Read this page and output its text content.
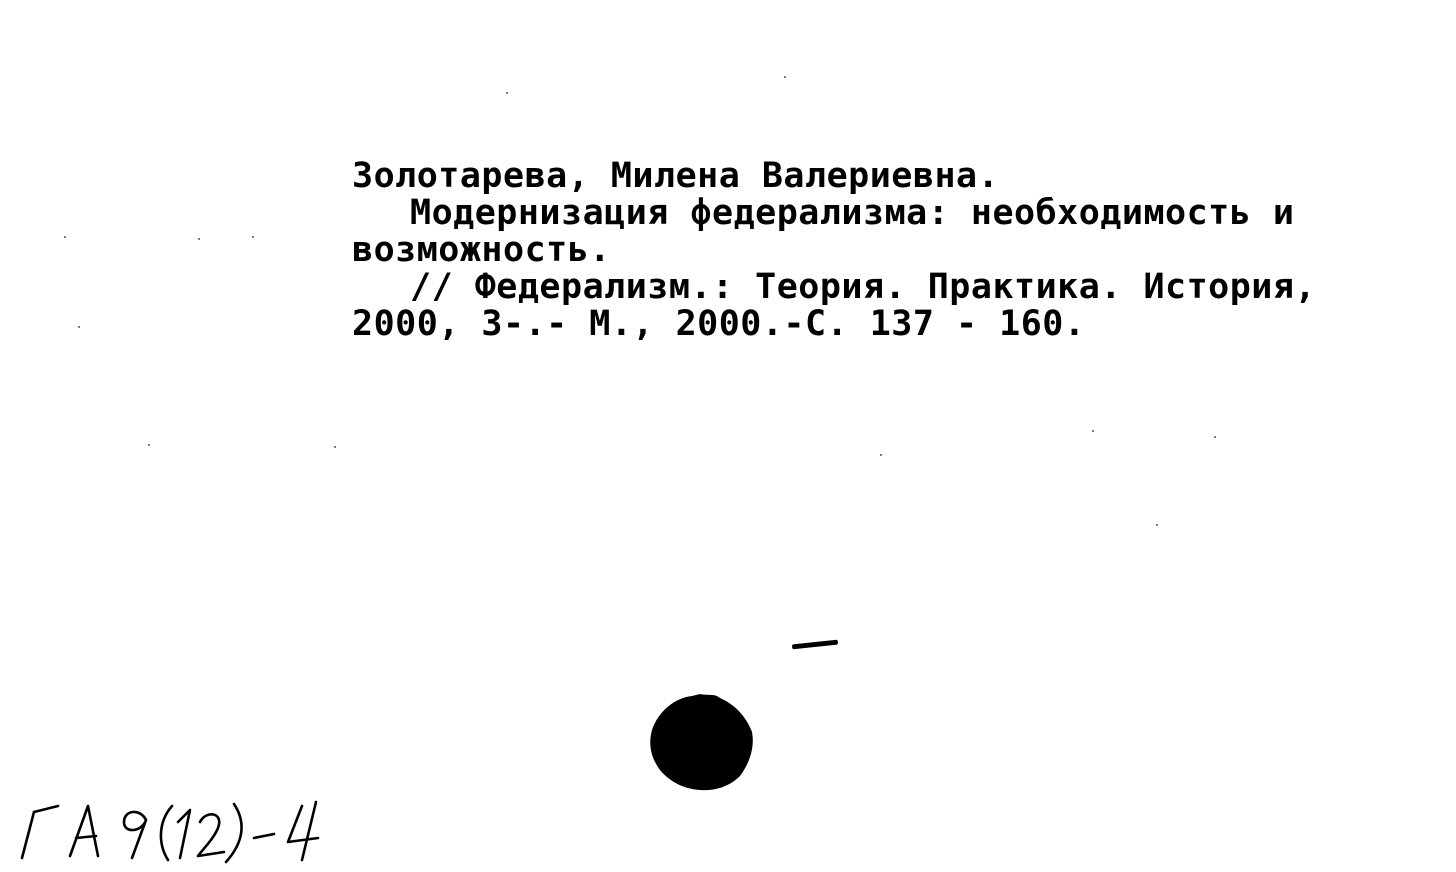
Золотарева, Милена Валериевна.
Модернизация федерализма: необходимость и
возможность.
// Федерализм.: Теория. Практика. История,
2000, 3-.- М., 2000.-С. 137 - 160.
